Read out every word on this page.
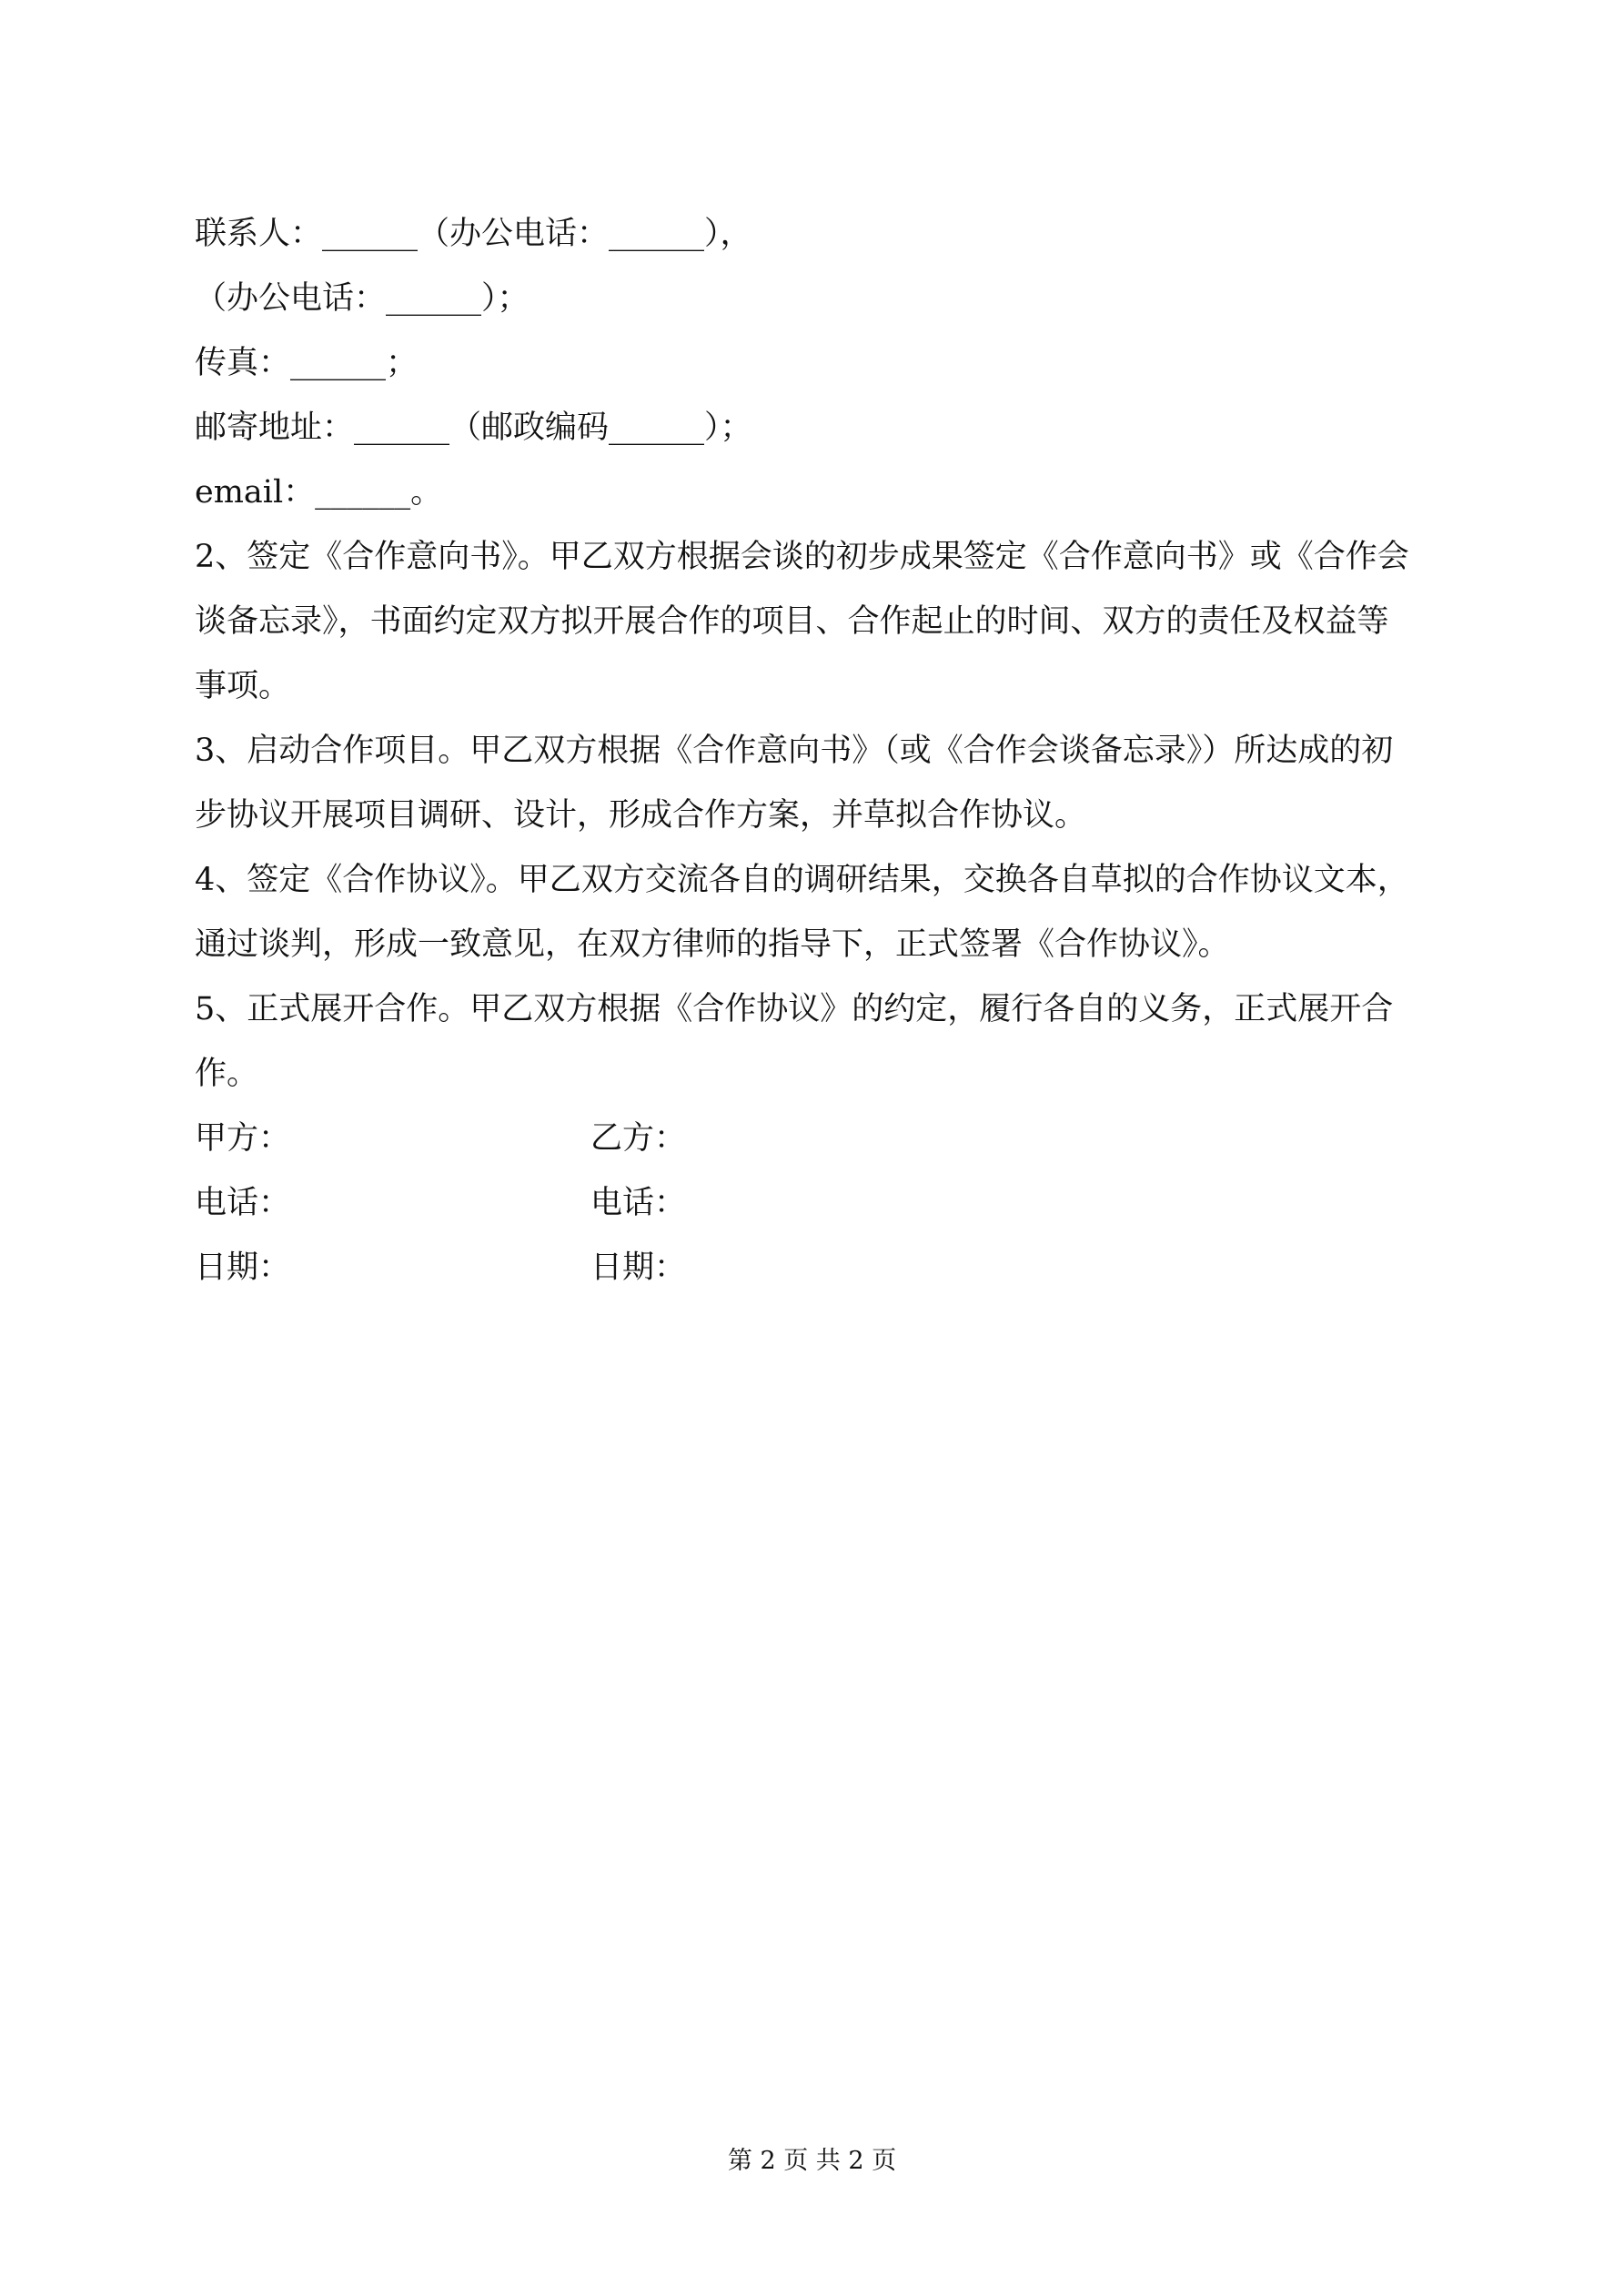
联系人：______（办公电话：______），
（办公电话：______）；
传真：______；
邮寄地址：______（邮政编码______）；
email：______。
2、签定《合作意向书》。甲乙双方根据会谈的初步成果签定《合作意向书》或《合作会
谈备忘录》，书面约定双方拟开展合作的项目、合作起止的时间、双方的责任及权益等
事项。
3、启动合作项目。甲乙双方根据《合作意向书》（或《合作会谈备忘录》）所达成的初
步协议开展项目调研、设计，形成合作方案，并草拟合作协议。
4、签定《合作协议》。甲乙双方交流各自的调研结果，交换各自草拟的合作协议文本，
通过谈判，形成一致意见，在双方律师的指导下，正式签署《合作协议》。
5、正式展开合作。甲乙双方根据《合作协议》的约定，履行各自的义务，正式展开合
作。
甲方：	乙方：
电话：	电话：
日期：	日期：
第 2 页 共 2 页
